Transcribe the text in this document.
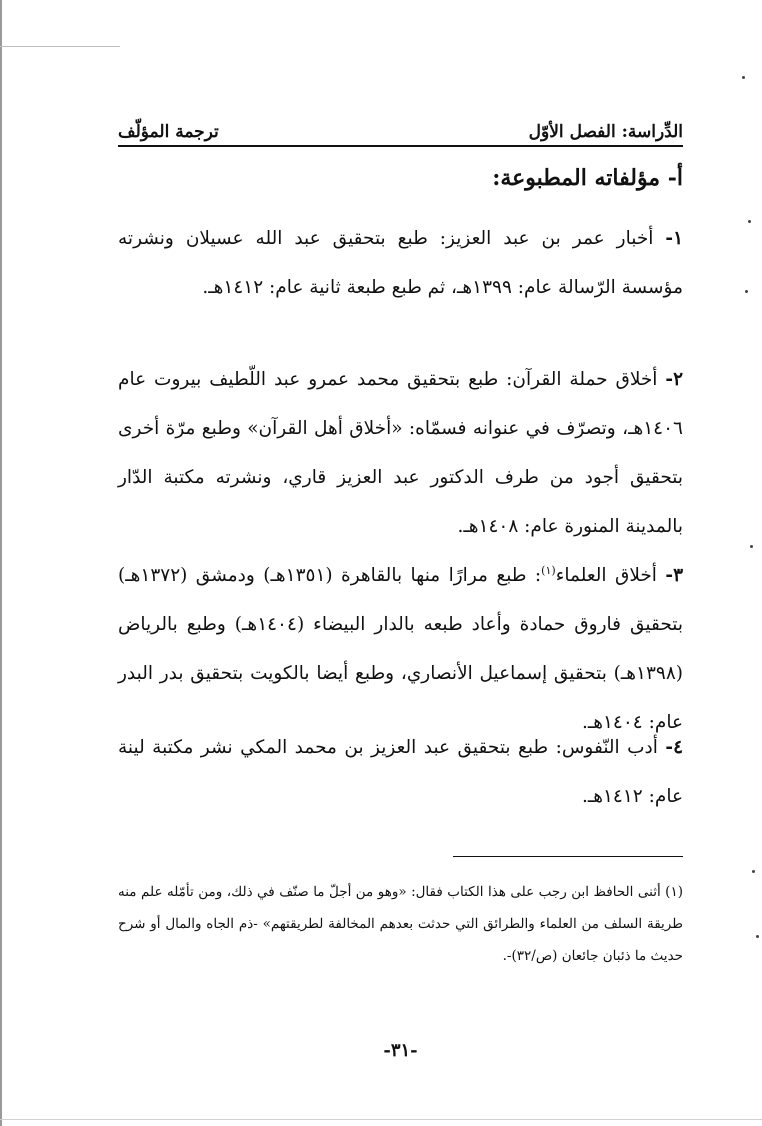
الدِّراسة: الفصل الأوّل
ترجمة المؤلّف
أ- مؤلفاته المطبوعة:
١- أخبار عمر بن عبد العزيز: طبع بتحقيق عبد الله عسيلان ونشرته مؤسسة الرّسالة عام: ١٣٩٩هـ، ثم طبع طبعة ثانية عام: ١٤١٢هـ.
٢- أخلاق حملة القرآن: طبع بتحقيق محمد عمرو عبد اللّطيف بيروت عام ١٤٠٦هـ، وتصرّف في عنوانه فسمّاه: «أخلاق أهل القرآن» وطبع مرّة أخرى بتحقيق أجود من طرف الدكتور عبد العزيز قاري، ونشرته مكتبة الدّار بالمدينة المنورة عام: ١٤٠٨هـ.
٣- أخلاق العلماء$^{(١)}$: طبع مرارًا منها بالقاهرة (١٣٥١هـ) ودمشق (١٣٧٢هـ) بتحقيق فاروق حمادة وأعاد طبعه بالدار البيضاء (١٤٠٤هـ) وطبع بالرياض (١٣٩٨هـ) بتحقيق إسماعيل الأنصاري، وطبع أيضا بالكويت بتحقيق بدر البدر عام: ١٤٠٤هـ.
٤- أدب النّفوس: طبع بتحقيق عبد العزيز بن محمد المكي نشر مكتبة لينة عام: ١٤١٢هـ.
(١) أثنى الحافظ ابن رجب على هذا الكتاب فقال: «وهو من أجلّ ما صنّف في ذلك، ومن تأمّله علم منه طريقة السلف من العلماء والطرائق التي حدثت بعدهم المخالفة لطريقتهم» -ذم الجاه والمال أو شرح حديث ما ذئبان جائعان (ص/٣٢)-.
-٣١-
